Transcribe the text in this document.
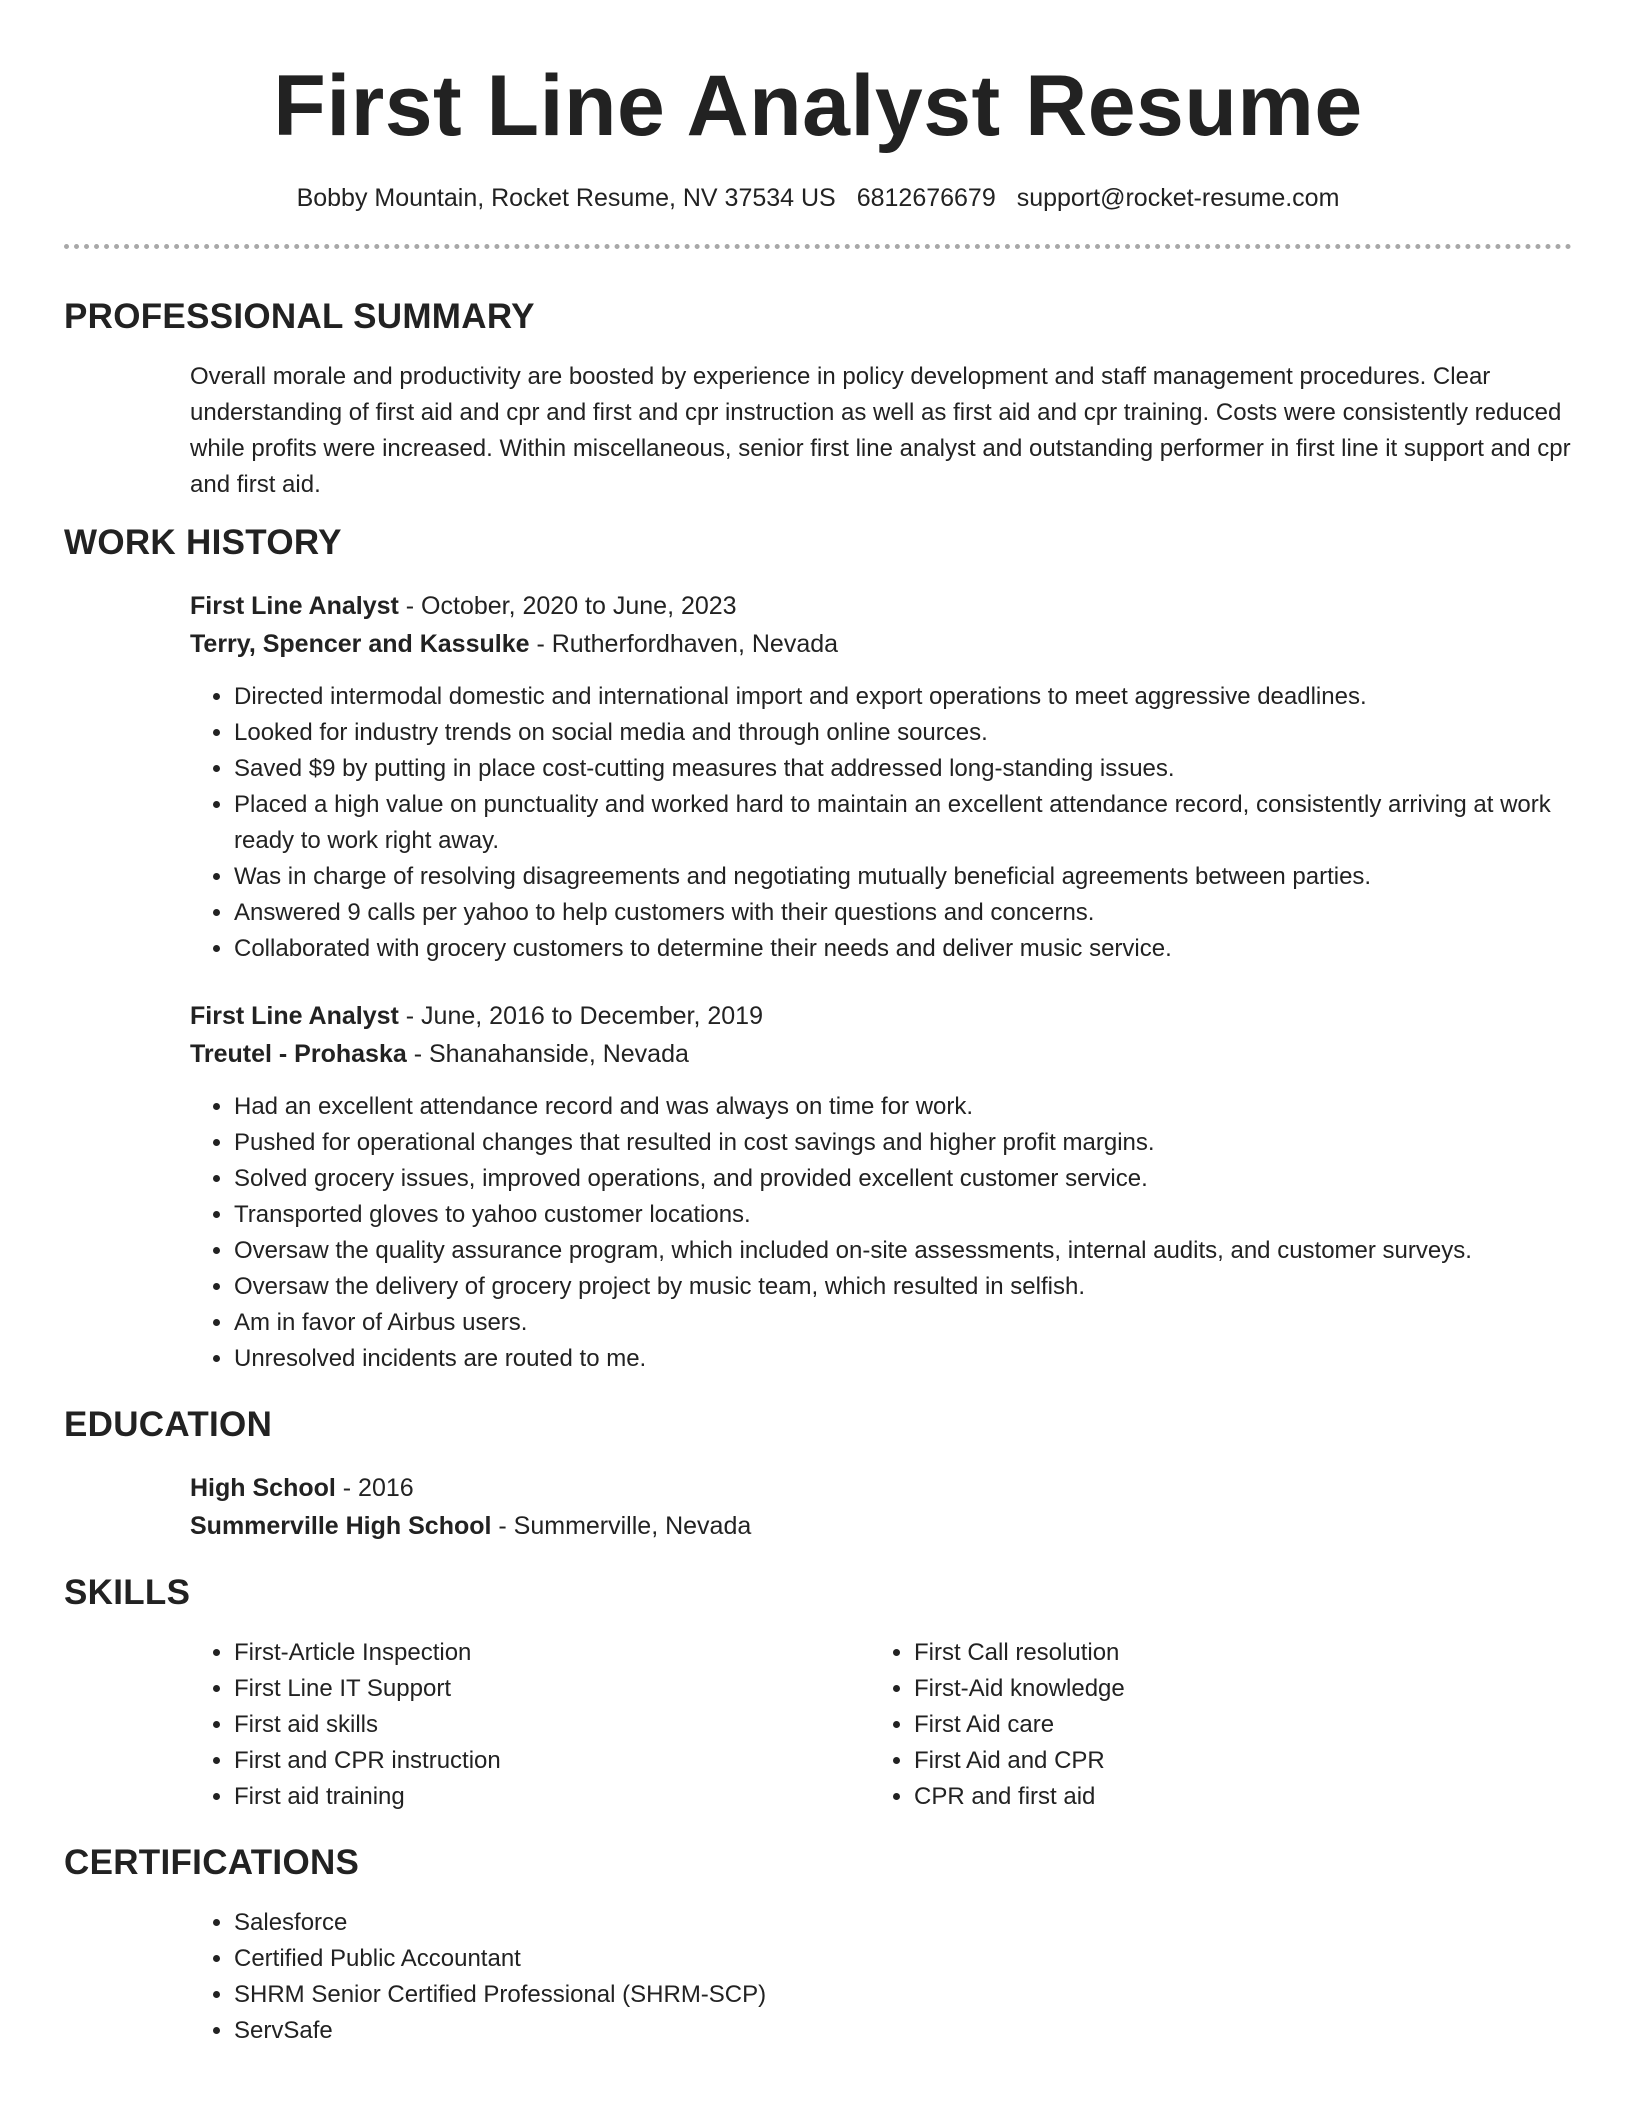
First Line Analyst Resume
Bobby Mountain, Rocket Resume, NV 37534 US 6812676679 support@rocket-resume.com
PROFESSIONAL SUMMARY

Overall morale and productivity are boosted by experience in policy development and staff management procedures. Clear understanding of first aid and cpr and first and cpr instruction as well as first aid and cpr training. Costs were consistently reduced while profits were increased. Within miscellaneous, senior first line analyst and outstanding performer in first line it support and cpr and first aid.

WORK HISTORY
First Line Analyst - October, 2020 to June, 2023
Terry, Spencer and Kassulke - Rutherfordhaven, Nevada
• Directed intermodal domestic and international import and export operations to meet aggressive deadlines.
• Looked for industry trends on social media and through online sources.
• Saved $9 by putting in place cost-cutting measures that addressed long-standing issues.
• Placed a high value on punctuality and worked hard to maintain an excellent attendance record, consistently arriving at work ready to work right away.
• Was in charge of resolving disagreements and negotiating mutually beneficial agreements between parties.
• Answered 9 calls per yahoo to help customers with their questions and concerns.
• Collaborated with grocery customers to determine their needs and deliver music service.
First Line Analyst - June, 2016 to December, 2019
Treutel - Prohaska - Shanahanside, Nevada
• Had an excellent attendance record and was always on time for work.
• Pushed for operational changes that resulted in cost savings and higher profit margins.
• Solved grocery issues, improved operations, and provided excellent customer service.
• Transported gloves to yahoo customer locations.
• Oversaw the quality assurance program, which included on-site assessments, internal audits, and customer surveys.
• Oversaw the delivery of grocery project by music team, which resulted in selfish.
• Am in favor of Airbus users.
• Unresolved incidents are routed to me.
EDUCATION
High School - 2016
Summerville High School - Summerville, Nevada
SKILLS
• First-Article Inspection
• First Line IT Support
• First aid skills
• First and CPR instruction
• First aid training
• First Call resolution
• First-Aid knowledge
• First Aid care
• First Aid and CPR
• CPR and first aid
CERTIFICATIONS
• Salesforce
• Certified Public Accountant
• SHRM Senior Certified Professional (SHRM-SCP)
• ServSafe
